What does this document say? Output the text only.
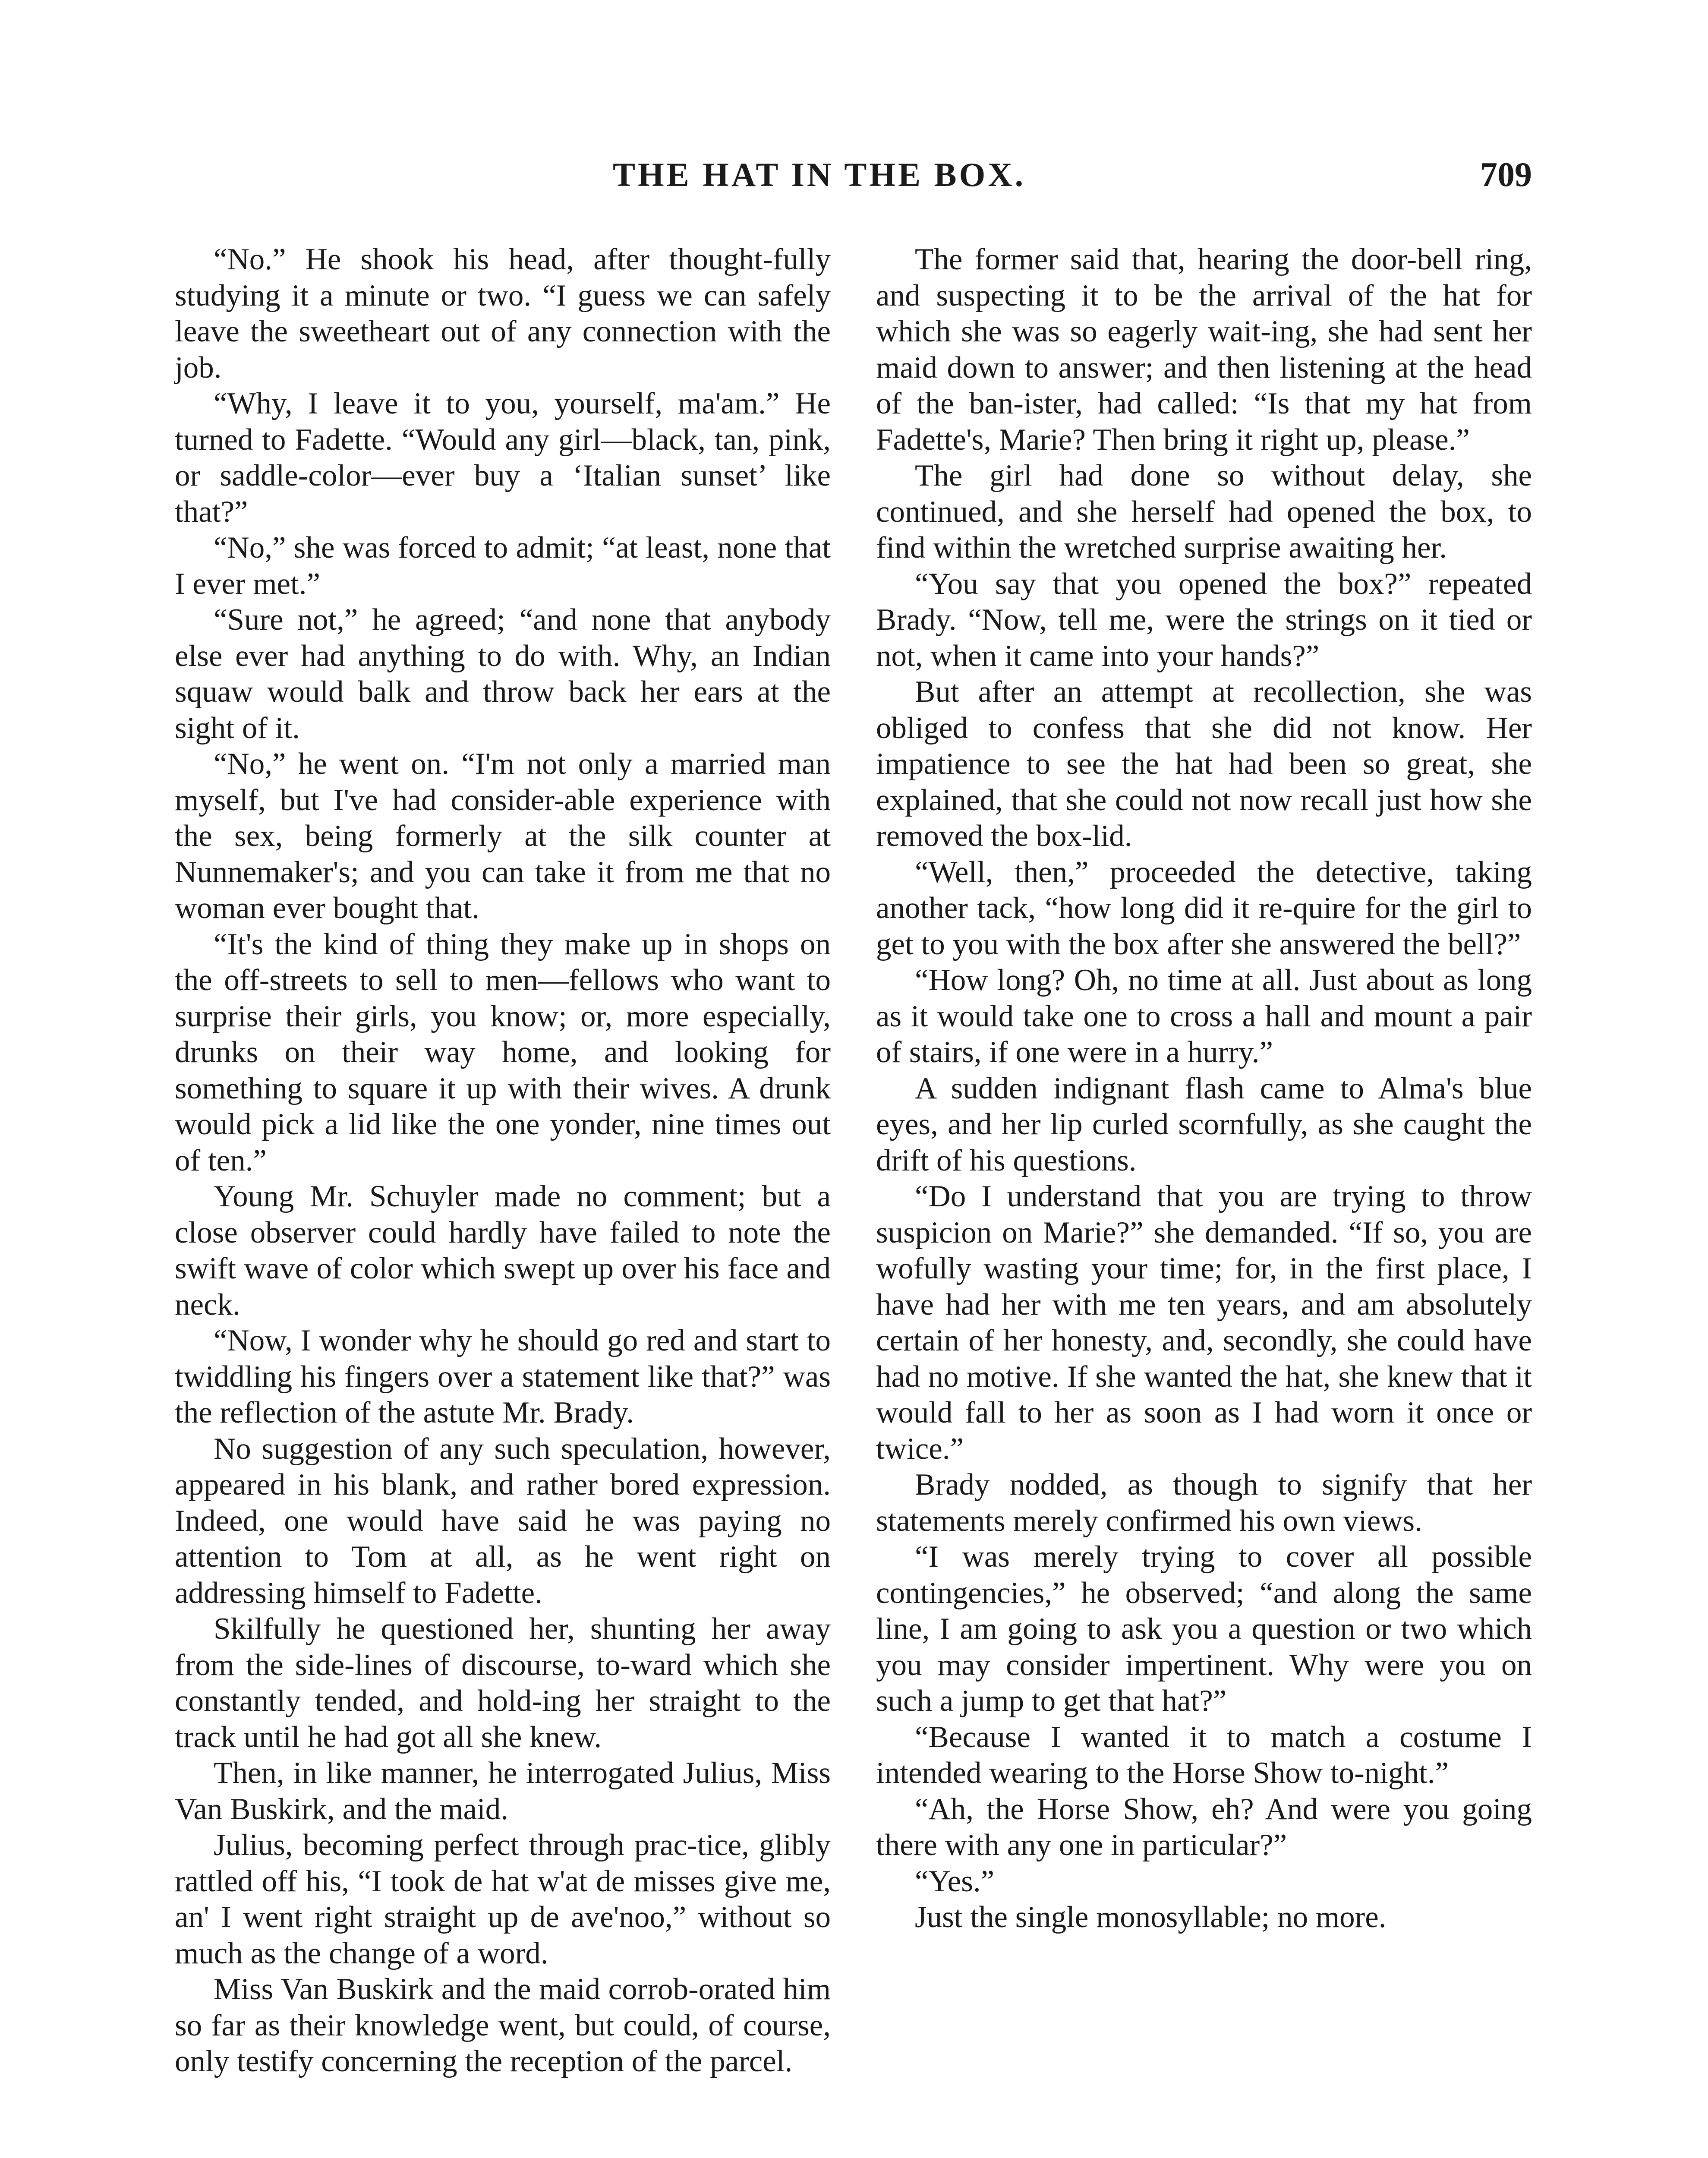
THE HAT IN THE BOX.	709

“No.” He shook his head, after thought-fully studying it a minute or two. “I guess we can safely leave the sweetheart out of any connection with the job.

“Why, I leave it to you, yourself, ma'am.” He turned to Fadette. “Would any girl—black, tan, pink, or saddle-color—ever buy a ‘Italian sunset’ like that?”

“No,” she was forced to admit; “at least, none that I ever met.”

“Sure not,” he agreed; “and none that anybody else ever had anything to do with. Why, an Indian squaw would balk and throw back her ears at the sight of it.

“No,” he went on. “I'm not only a married man myself, but I've had consider-able experience with the sex, being formerly at the silk counter at Nunnemaker's; and you can take it from me that no woman ever bought that.

“It's the kind of thing they make up in shops on the off-streets to sell to men—fellows who want to surprise their girls, you know; or, more especially, drunks on their way home, and looking for something to square it up with their wives. A drunk would pick a lid like the one yonder, nine times out of ten.”

Young Mr. Schuyler made no comment; but a close observer could hardly have failed to note the swift wave of color which swept up over his face and neck.

“Now, I wonder why he should go red and start to twiddling his fingers over a statement like that?” was the reflection of the astute Mr. Brady.

No suggestion of any such speculation, however, appeared in his blank, and rather bored expression. Indeed, one would have said he was paying no attention to Tom at all, as he went right on addressing himself to Fadette.

Skilfully he questioned her, shunting her away from the side-lines of discourse, to-ward which she constantly tended, and hold-ing her straight to the track until he had got all she knew.

Then, in like manner, he interrogated Julius, Miss Van Buskirk, and the maid.

Julius, becoming perfect through prac-tice, glibly rattled off his, “I took de hat w'at de misses give me, an' I went right straight up de ave'noo,” without so much as the change of a word.

Miss Van Buskirk and the maid corrob-orated him so far as their knowledge went, but could, of course, only testify concerning the reception of the parcel.

The former said that, hearing the door-bell ring, and suspecting it to be the arrival of the hat for which she was so eagerly wait-ing, she had sent her maid down to answer; and then listening at the head of the ban-ister, had called: “Is that my hat from Fadette's, Marie? Then bring it right up, please.”

The girl had done so without delay, she continued, and she herself had opened the box, to find within the wretched surprise awaiting her.

“You say that you opened the box?” repeated Brady. “Now, tell me, were the strings on it tied or not, when it came into your hands?”

But after an attempt at recollection, she was obliged to confess that she did not know. Her impatience to see the hat had been so great, she explained, that she could not now recall just how she removed the box-lid.

“Well, then,” proceeded the detective, taking another tack, “how long did it re-quire for the girl to get to you with the box after she answered the bell?”

“How long? Oh, no time at all. Just about as long as it would take one to cross a hall and mount a pair of stairs, if one were in a hurry.”

A sudden indignant flash came to Alma's blue eyes, and her lip curled scornfully, as she caught the drift of his questions.

“Do I understand that you are trying to throw suspicion on Marie?” she demanded. “If so, you are wofully wasting your time; for, in the first place, I have had her with me ten years, and am absolutely certain of her honesty, and, secondly, she could have had no motive. If she wanted the hat, she knew that it would fall to her as soon as I had worn it once or twice.”

Brady nodded, as though to signify that her statements merely confirmed his own views.

“I was merely trying to cover all possible contingencies,” he observed; “and along the same line, I am going to ask you a question or two which you may consider impertinent. Why were you on such a jump to get that hat?”

“Because I wanted it to match a costume I intended wearing to the Horse Show to-night.”

“Ah, the Horse Show, eh? And were you going there with any one in particular?”

“Yes.”

Just the single monosyllable; no more.
